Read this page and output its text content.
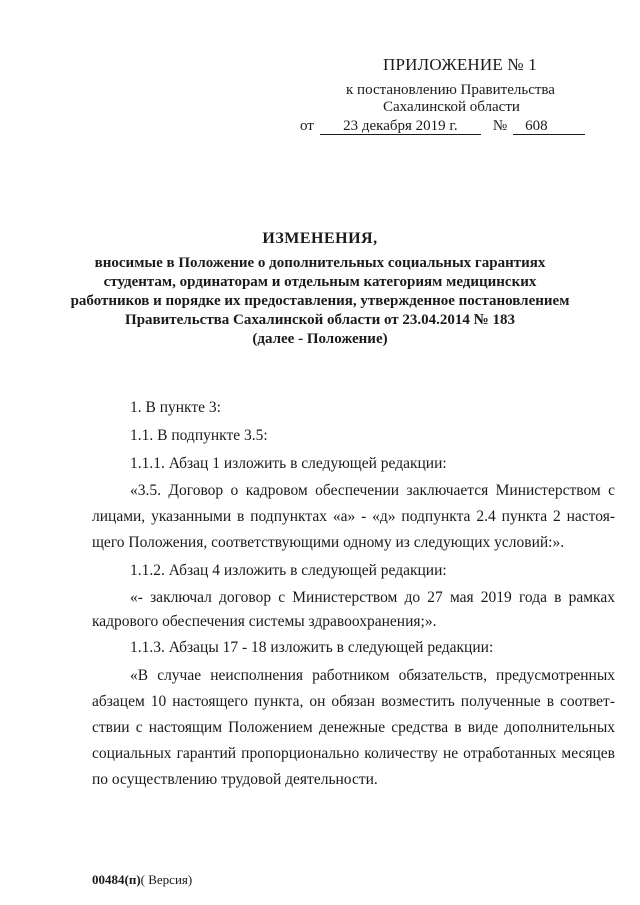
ПРИЛОЖЕНИЕ № 1
к постановлению Правительства
Сахалинской области
от 23 декабря 2019 г. № 608
ИЗМЕНЕНИЯ,
вносимые в Положение о дополнительных социальных гарантиях
студентам, ординаторам и отдельным категориям медицинских
работников и порядке их предоставления, утвержденное постановлением
Правительства Сахалинской области от 23.04.2014 № 183
(далее - Положение)
1. В пункте 3:
1.1. В подпункте 3.5:
1.1.1. Абзац 1 изложить в следующей редакции:
«3.5. Договор о кадровом обеспечении заключается Министерством с
лицами, указанными в подпунктах «а» - «д» подпункта 2.4 пункта 2 настоя-
щего Положения, соответствующими одному из следующих условий:».
1.1.2. Абзац 4 изложить в следующей редакции:
«- заключал договор с Министерством до 27 мая 2019 года в рамках
кадрового обеспечения системы здравоохранения;».
1.1.3. Абзацы 17 - 18 изложить в следующей редакции:
«В случае неисполнения работником обязательств, предусмотренных
абзацем 10 настоящего пункта, он обязан возместить полученные в соответ-
ствии с настоящим Положением денежные средства в виде дополнительных
социальных гарантий пропорционально количеству не отработанных месяцев
по осуществлению трудовой деятельности.
00484(п)( Версия)
